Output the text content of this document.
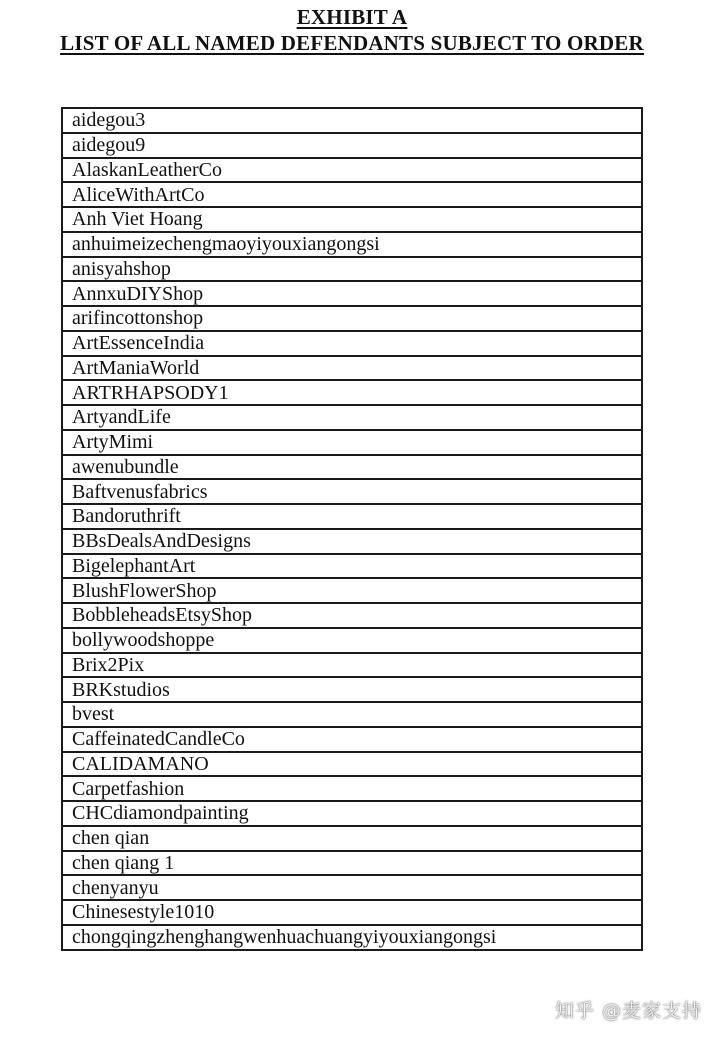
EXHIBIT A
LIST OF ALL NAMED DEFENDANTS SUBJECT TO ORDER
aidegou3
aidegou9
AlaskanLeatherCo
AliceWithArtCo
Anh Viet Hoang
anhuimeizechengmaoyiyouxiangongsi
anisyahshop
AnnxuDIYShop
arifincottonshop
ArtEssenceIndia
ArtManiaWorld
ARTRHAPSODY1
ArtyandLife
ArtyMimi
awenubundle
Baftvenusfabrics
Bandoruthrift
BBsDealsAndDesigns
BigelephantArt
BlushFlowerShop
BobbleheadsEtsyShop
bollywoodshoppe
Brix2Pix
BRKstudios
bvest
CaffeinatedCandleCo
CALIDAMANO
Carpetfashion
CHCdiamondpainting
chen qian
chen qiang 1
chenyanyu
Chinesestyle1010
chongqingzhenghangwenhuachuangyiyouxiangongsi
知乎 @麦家支持
